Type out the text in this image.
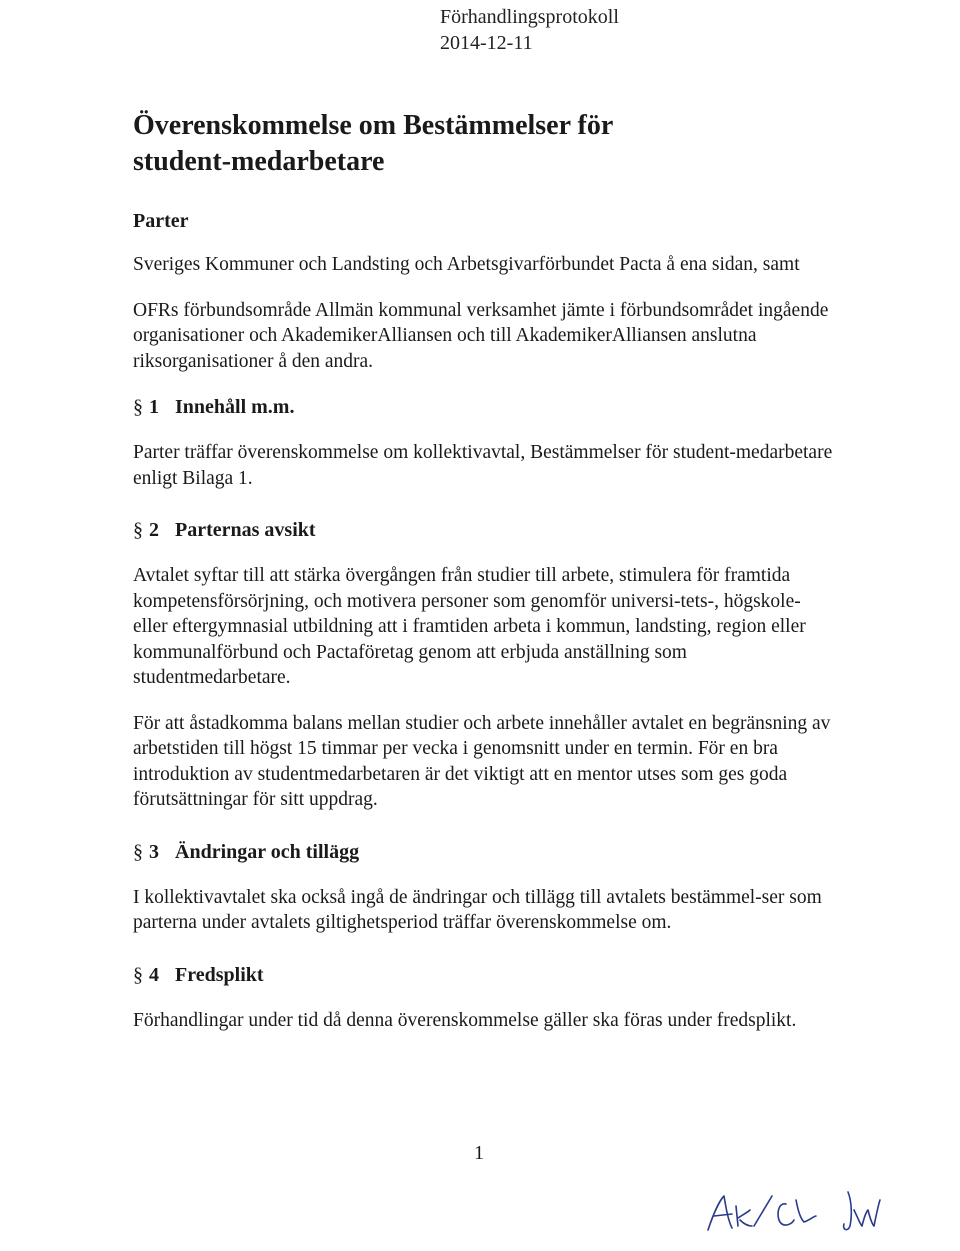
Förhandlingsprotokoll
2014-12-11
Överenskommelse om Bestämmelser för student-medarbetare
Parter

Sveriges Kommuner och Landsting och Arbetsgivarförbundet Pacta å ena sidan, samt

OFRs förbundsområde Allmän kommunal verksamhet jämte i förbundsområdet ingående organisationer och AkademikerAlliansen och till AkademikerAlliansen anslutna riksorganisationer å den andra.

§ 1 Innehåll m.m.

Parter träffar överenskommelse om kollektivavtal, Bestämmelser för student-medarbetare enligt Bilaga 1.

§ 2 Parternas avsikt

Avtalet syftar till att stärka övergången från studier till arbete, stimulera för framtida kompetensförsörjning, och motivera personer som genomför universi-tets-, högskole- eller eftergymnasial utbildning att i framtiden arbeta i kommun, landsting, region eller kommunalförbund och Pactaföretag genom att erbjuda anställning som studentmedarbetare.

För att åstadkomma balans mellan studier och arbete innehåller avtalet en begränsning av arbetstiden till högst 15 timmar per vecka i genomsnitt under en termin. För en bra introduktion av studentmedarbetaren är det viktigt att en mentor utses som ges goda förutsättningar för sitt uppdrag.

§ 3 Ändringar och tillägg

I kollektivavtalet ska också ingå de ändringar och tillägg till avtalets bestämmel-ser som parterna under avtalets giltighetsperiod träffar överenskommelse om.

§ 4 Fredsplikt

Förhandlingar under tid då denna överenskommelse gäller ska föras under fredsplikt.

1
